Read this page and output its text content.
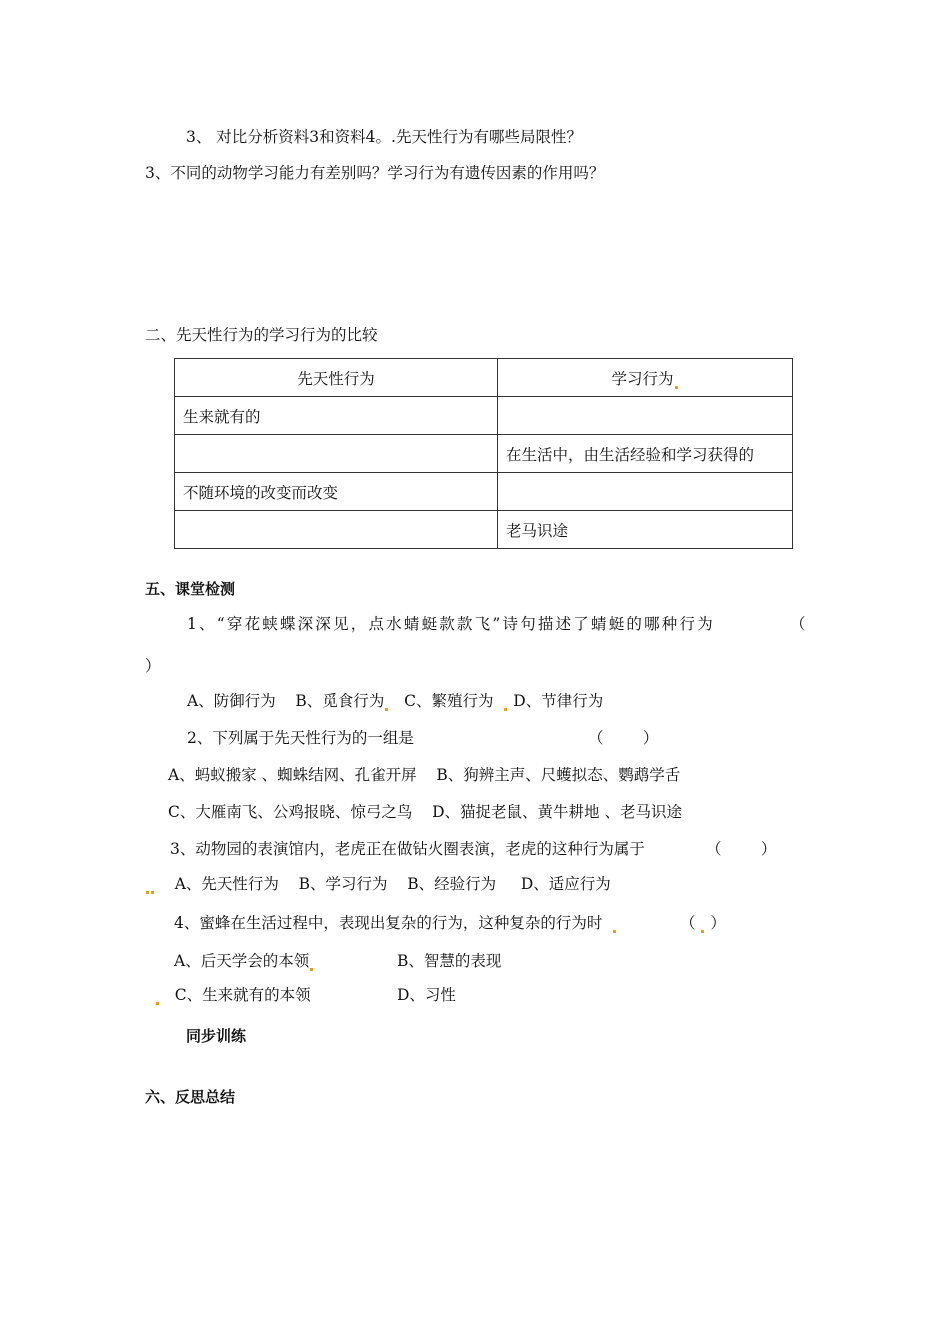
3、 对比分析资料3和资料4。.先天性行为有哪些局限性？
3、不同的动物学习能力有差别吗？学习行为有遗传因素的作用吗？
二、先天性行为的学习行为的比较
先天性行为	学习行为
生来就有的	
	在生活中，由生活经验和学习获得的
不随环境的改变而改变	
	老马识途
五、课堂检测
1、“穿花蛱蝶深深见，点水蜻蜓款款飞”诗句描述了蜻蜓的哪种行为	（
）
A、防御行为 B、觅食行为 C、繁殖行为 D、节律行为
2、下列属于先天性行为的一组是	（        ）
A、蚂蚁搬家 、蜘蛛结网、孔雀开屏 B、狗辨主声、尺蠖拟态、鹦鹉学舌
C、大雁南飞、公鸡报晓、惊弓之鸟 D、猫捉老鼠、黄牛耕地 、老马识途
3、动物园的表演馆内，老虎正在做钻火圈表演，老虎的这种行为属于	（        ）
A、先天性行为 B、学习行为 B、经验行为 D、适应行为
4、蜜蜂在生活过程中，表现出复杂的行为，这种复杂的行为时	（ ）
A、后天学会的本领	B、智慧的表现
C、生来就有的本领	D、习性
同步训练
六、反思总结
